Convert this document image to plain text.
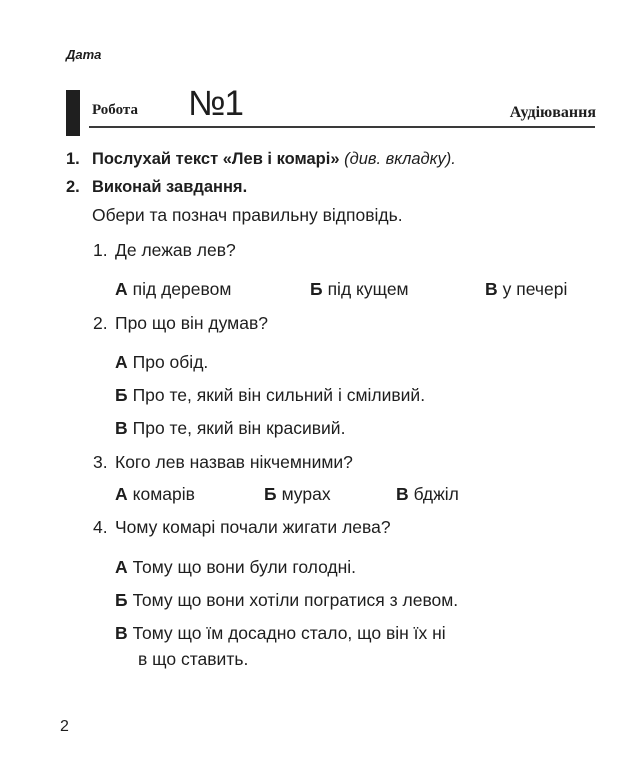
Дата
Робота №1	Аудіювання
1. Послухай текст «Лев і комарі» (див. вкладку).
2. Виконай завдання.
Обери та познач правильну відповідь.
1. Де лежав лев?
А під деревом	Б під кущем	В у печері
2. Про що він думав?
А Про обід.
Б Про те, який він сильний і сміливий.
В Про те, який він красивий.
3. Кого лев назвав нікчемними?
А комарів	Б мурах	В бджіл
4. Чому комарі почали жигати лева?
А Тому що вони були голодні.
Б Тому що вони хотіли погратися з левом.
В Тому що їм досадно стало, що він їх ні
в що ставить.
2
